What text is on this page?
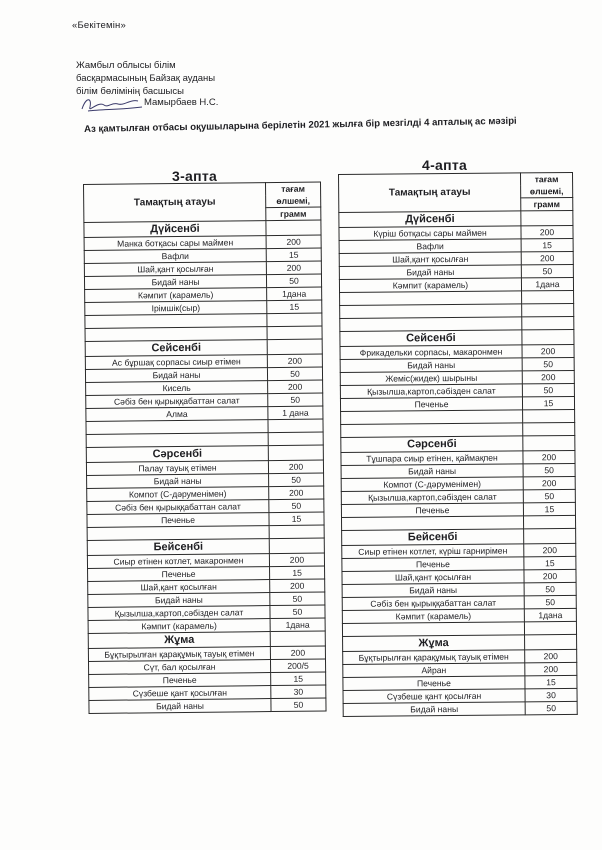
«Бекітемін»
Жамбыл облысы білім
басқармасының Байзақ ауданы
білім бөлімінің басшысы
Мамырбаев Н.С.
Аз қамтылған отбасы оқушыларына берілетін 2021 жылға бір мезгілді 4 апталық ас мәзірі
3-апта
4-апта
Тамақтың атауы	тағам
	өлшемі,
	грамм
Дүйсенбі	
Манка ботқасы сары маймен	200
Вафли	15
Шай,қант қосылған	200
Бидай наны	50
Кәмпит (карамель)	1дана
Ірімшік(сыр)	15

Сейсенбі	
Ас бұршақ сорпасы сиыр етімен	200
Бидай наны	50
Кисель	200
Сәбіз бен қырыққабаттан салат	50
Алма	1 дана

Сәрсенбі	
Палау тауық етімен	200
Бидай наны	50
Компот (С-дәруменімен)	200
Сәбіз бен қырыққабаттан салат	50
Печенье	15

Бейсенбі	
Сиыр етінен котлет, макаронмен	200
Печенье	15
Шай,қант қосылған	200
Бидай наны	50
Қызылша,картоп,сәбізден салат	50
Кәмпит (карамель)	1дана
Жұма	
Бұқтырылған қарақұмық тауық етімен	200
Сүт, бал қосылған	200/5
Печенье	15
Сүзбеше қант қосылған	30
Бидай наны	50
Тамақтың атауы	тағам
	өлшемі,
	грамм
Дүйсенбі	
Күріш ботқасы сары маймен	200
Вафли	15
Шай,қант қосылған	200
Бидай наны	50
Кәмпит (карамель)	1дана

Сейсенбі	
Фрикадельки сорпасы, макаронмен	200
Бидай наны	50
Жеміс(жидек) шырыны	200
Қызылша,картоп,сәбізден салат	50
Печенье	15

Сәрсенбі	
Тұшпара сиыр етінен, қаймақпен	200
Бидай наны	50
Компот (С-дәруменімен)	200
Қызылша,картоп,сәбізден салат	50
Печенье	15

Бейсенбі	
Сиыр етінен котлет, күріш гарнирімен	200
Печенье	15
Шай,қант қосылған	200
Бидай наны	50
Сәбіз бен қырыққабаттан салат	50
Кәмпит (карамель)	1дана

Жұма	
Бұқтырылған қарақұмық тауық етімен	200
Айран	200
Печенье	15
Сүзбеше қант қосылған	30
Бидай наны	50
